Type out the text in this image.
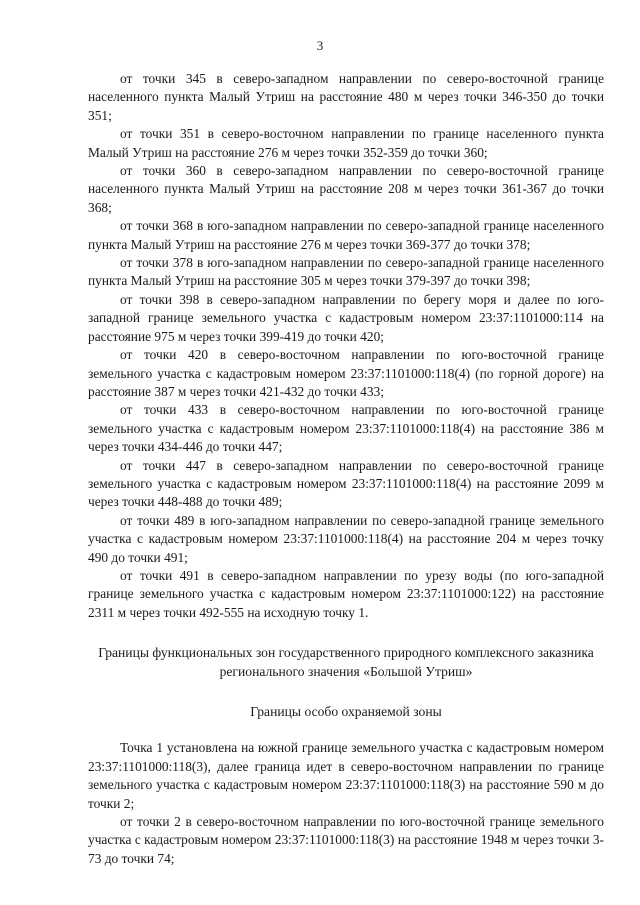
3

от точки 345 в северо-западном направлении по северо-восточной границе населенного пункта Малый Утриш на расстояние 480 м через точки 346-350 до точки 351;

от точки 351 в северо-восточном направлении по границе населенного пункта Малый Утриш на расстояние 276 м через точки 352-359 до точки 360;

от точки 360 в северо-западном направлении по северо-восточной границе населенного пункта Малый Утриш на расстояние 208 м через точки 361-367 до точки 368;

от точки 368 в юго-западном направлении по северо-западной границе населенного пункта Малый Утриш на расстояние 276 м через точки 369-377 до точки 378;

от точки 378 в юго-западном направлении по северо-западной границе населенного пункта Малый Утриш на расстояние 305 м через точки 379-397 до точки 398;

от точки 398 в северо-западном направлении по берегу моря и далее по юго-западной границе земельного участка с кадастровым номером 23:37:1101000:114 на расстояние 975 м через точки 399-419 до точки 420;

от точки 420 в северо-восточном направлении по юго-восточной границе земельного участка с кадастровым номером 23:37:1101000:118(4) (по горной дороге) на расстояние 387 м через точки 421-432 до точки 433;

от точки 433 в северо-восточном направлении по юго-восточной границе земельного участка с кадастровым номером 23:37:1101000:118(4) на расстояние 386 м через точки 434-446 до точки 447;

от точки 447 в северо-западном направлении по северо-восточной границе земельного участка с кадастровым номером 23:37:1101000:118(4) на расстояние 2099 м через точки 448-488 до точки 489;

от точки 489 в юго-западном направлении по северо-западной границе земельного участка с кадастровым номером 23:37:1101000:118(4) на расстояние 204 м через точку 490 до точки 491;

от точки 491 в северо-западном направлении по урезу воды (по юго-западной границе земельного участка с кадастровым номером 23:37:1101000:122) на расстояние 2311 м через точки 492-555 на исходную точку 1.

Границы функциональных зон государственного природного комплексного заказника регионального значения «Большой Утриш»

Границы особо охраняемой зоны

Точка 1 установлена на южной границе земельного участка с кадастровым номером 23:37:1101000:118(3), далее граница идет в северо-восточном направлении по границе земельного участка с кадастровым номером 23:37:1101000:118(3) на расстояние 590 м до точки 2;

от точки 2 в северо-восточном направлении по юго-восточной границе земельного участка с кадастровым номером 23:37:1101000:118(3) на расстояние 1948 м через точки 3-73 до точки 74;
